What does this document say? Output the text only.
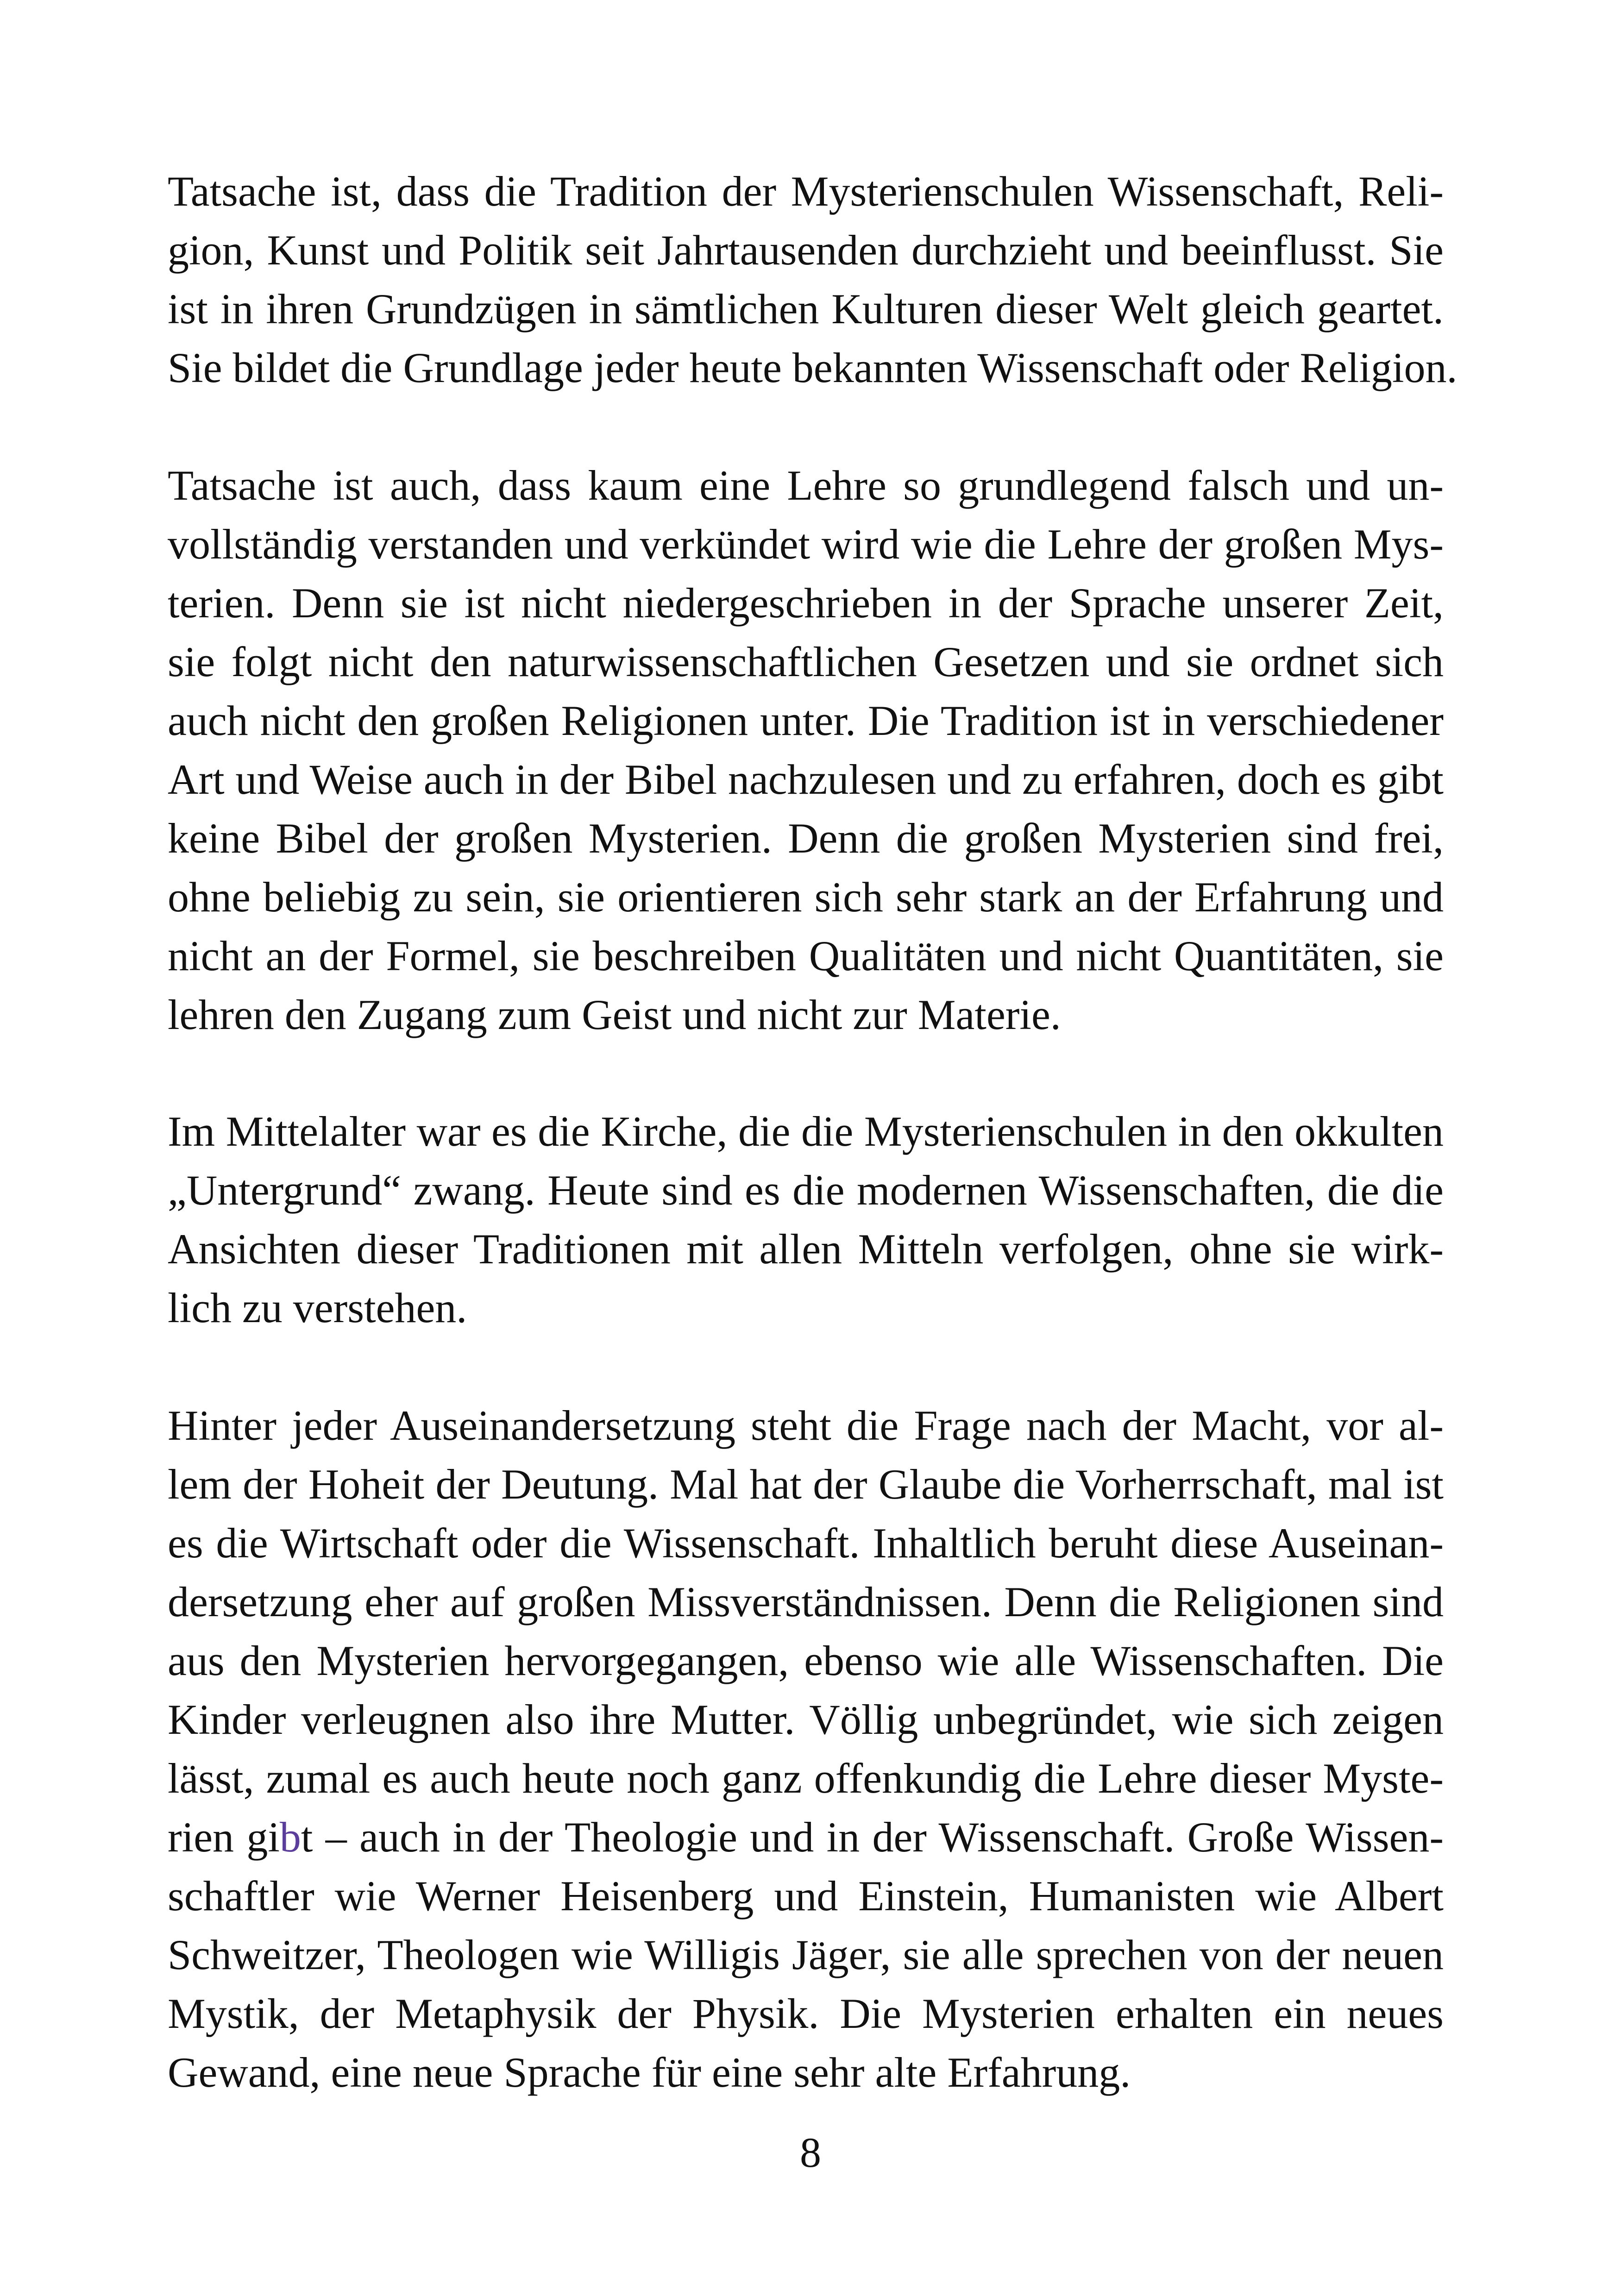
Tatsache ist, dass die Tradition der Mysterienschulen Wissenschaft, Reli-
gion, Kunst und Politik seit Jahrtausenden durchzieht und beeinflusst. Sie
ist in ihren Grundzügen in sämtlichen Kulturen dieser Welt gleich geartet.
Sie bildet die Grundlage jeder heute bekannten Wissenschaft oder Religion.

Tatsache ist auch, dass kaum eine Lehre so grundlegend falsch und un-
vollständig verstanden und verkündet wird wie die Lehre der großen Mys-
terien. Denn sie ist nicht niedergeschrieben in der Sprache unserer Zeit,
sie folgt nicht den naturwissenschaftlichen Gesetzen und sie ordnet sich
auch nicht den großen Religionen unter. Die Tradition ist in verschiedener
Art und Weise auch in der Bibel nachzulesen und zu erfahren, doch es gibt
keine Bibel der großen Mysterien. Denn die großen Mysterien sind frei,
ohne beliebig zu sein, sie orientieren sich sehr stark an der Erfahrung und
nicht an der Formel, sie beschreiben Qualitäten und nicht Quantitäten, sie
lehren den Zugang zum Geist und nicht zur Materie.

Im Mittelalter war es die Kirche, die die Mysterienschulen in den okkulten
„Untergrund“ zwang. Heute sind es die modernen Wissenschaften, die die
Ansichten dieser Traditionen mit allen Mitteln verfolgen, ohne sie wirk-
lich zu verstehen.

Hinter jeder Auseinandersetzung steht die Frage nach der Macht, vor al-
lem der Hoheit der Deutung. Mal hat der Glaube die Vorherrschaft, mal ist
es die Wirtschaft oder die Wissenschaft. Inhaltlich beruht diese Auseinan-
dersetzung eher auf großen Missverständnissen. Denn die Religionen sind
aus den Mysterien hervorgegangen, ebenso wie alle Wissenschaften. Die
Kinder verleugnen also ihre Mutter. Völlig unbegründet, wie sich zeigen
lässt, zumal es auch heute noch ganz offenkundig die Lehre dieser Myste-
rien gibt – auch in der Theologie und in der Wissenschaft. Große Wissen-
schaftler wie Werner Heisenberg und Einstein, Humanisten wie Albert
Schweitzer, Theologen wie Willigis Jäger, sie alle sprechen von der neuen
Mystik, der Metaphysik der Physik. Die Mysterien erhalten ein neues
Gewand, eine neue Sprache für eine sehr alte Erfahrung.

8
